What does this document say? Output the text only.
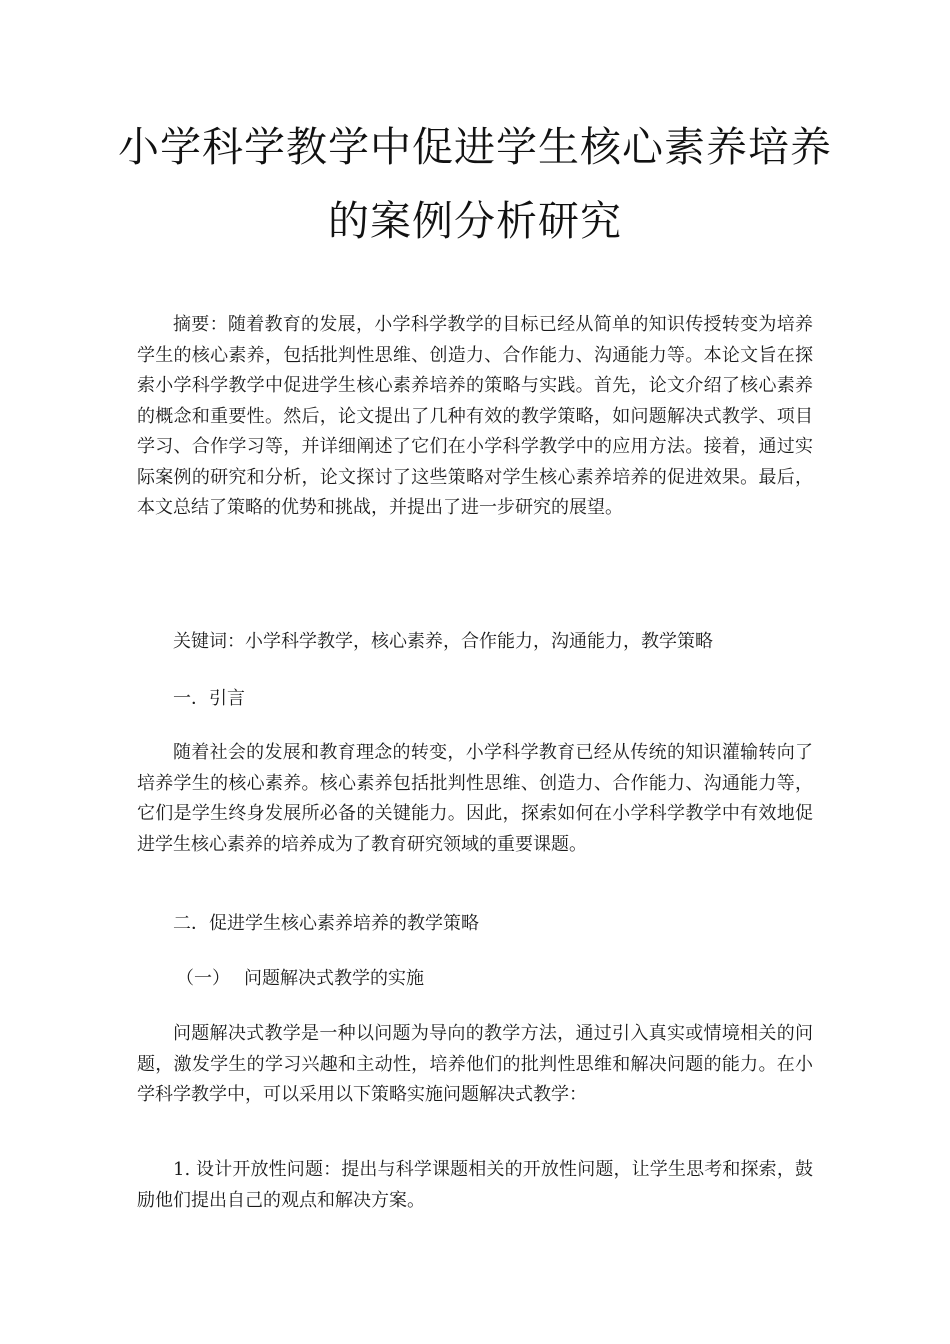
小学科学教学中促进学生核心素养培养
的案例分析研究

摘要：随着教育的发展，小学科学教学的目标已经从简单的知识传授转变为培养学生的核心素养，包括批判性思维、创造力、合作能力、沟通能力等。本论文旨在探索小学科学教学中促进学生核心素养培养的策略与实践。首先，论文介绍了核心素养的概念和重要性。然后，论文提出了几种有效的教学策略，如问题解决式教学、项目学习、合作学习等，并详细阐述了它们在小学科学教学中的应用方法。接着，通过实际案例的研究和分析，论文探讨了这些策略对学生核心素养培养的促进效果。最后，本文总结了策略的优势和挑战，并提出了进一步研究的展望。

关键词：小学科学教学，核心素养，合作能力，沟通能力，教学策略
一．引言

随着社会的发展和教育理念的转变，小学科学教育已经从传统的知识灌输转向了培养学生的核心素养。核心素养包括批判性思维、创造力、合作能力、沟通能力等，它们是学生终身发展所必备的关键能力。因此，探索如何在小学科学教学中有效地促进学生核心素养的培养成为了教育研究领域的重要课题。

二．促进学生核心素养培养的教学策略
（一） 问题解决式教学的实施

问题解决式教学是一种以问题为导向的教学方法，通过引入真实或情境相关的问题，激发学生的学习兴趣和主动性，培养他们的批判性思维和解决问题的能力。在小学科学教学中，可以采用以下策略实施问题解决式教学：

1. 设计开放性问题：提出与科学课题相关的开放性问题，让学生思考和探索，鼓励他们提出自己的观点和解决方案。
